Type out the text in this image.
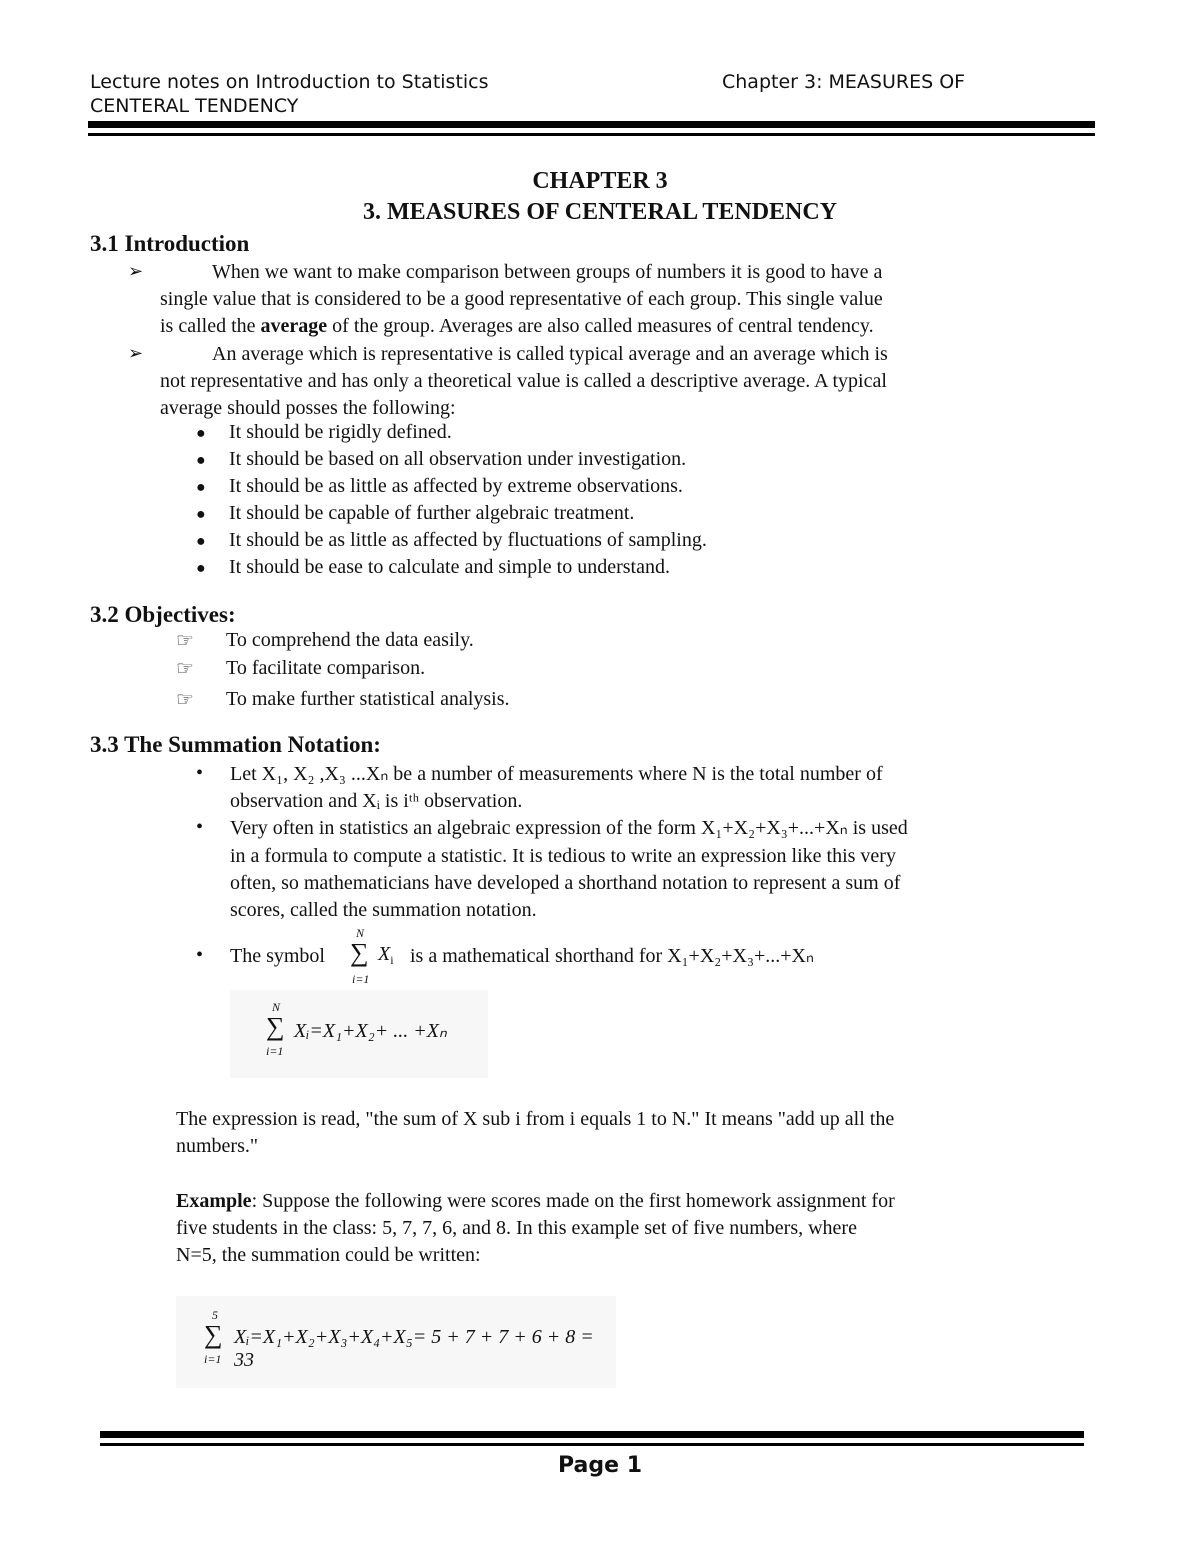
Lecture notes on Introduction to Statistics	Chapter 3: MEASURES OF
CENTERAL TENDENCY
CHAPTER 3
3. MEASURES OF CENTERAL TENDENCY
3.1 Introduction
➢	When we want to make comparison between groups of numbers it is good to have a
single value that is considered to be a good representative of each group. This single value
is called the average of the group. Averages are also called measures of central tendency.
➢	An average which is representative is called typical average and an average which is
not representative and has only a theoretical value is called a descriptive average. A typical
average should posses the following:
● It should be rigidly defined.
● It should be based on all observation under investigation.
● It should be as little as affected by extreme observations.
● It should be capable of further algebraic treatment.
● It should be as little as affected by fluctuations of sampling.
● It should be ease to calculate and simple to understand.
3.2 Objectives:
☞ To comprehend the data easily.
☞ To facilitate comparison.
☞ To make further statistical analysis.
3.3 The Summation Notation:
• Let X₁, X₂ ,X₃ ...Xₙ be a number of measurements where N is the total number of
observation and Xᵢ is iᵗʰ observation.
• Very often in statistics an algebraic expression of the form X₁+X₂+X₃+...+Xₙ is used
in a formula to compute a statistic. It is tedious to write an expression like this very
often, so mathematicians have developed a shorthand notation to represent a sum of
scores, called the summation notation.
• The symbol
N
∑
i=1
$X_i$ is a mathematical shorthand for X₁+X₂+X₃+...+Xₙ
N
∑
i=1
Xᵢ=X₁+X₂+ ... +Xₙ
The expression is read, "the sum of X sub i from i equals 1 to N." It means "add up all the
numbers."
Example: Suppose the following were scores made on the first homework assignment for
five students in the class: 5, 7, 7, 6, and 8. In this example set of five numbers, where
N=5, the summation could be written:
5
∑
i=1
Xᵢ=X₁+X₂+X₃+X₄+X₅= 5 + 7 + 7 + 6 + 8 = 33
Page 1
